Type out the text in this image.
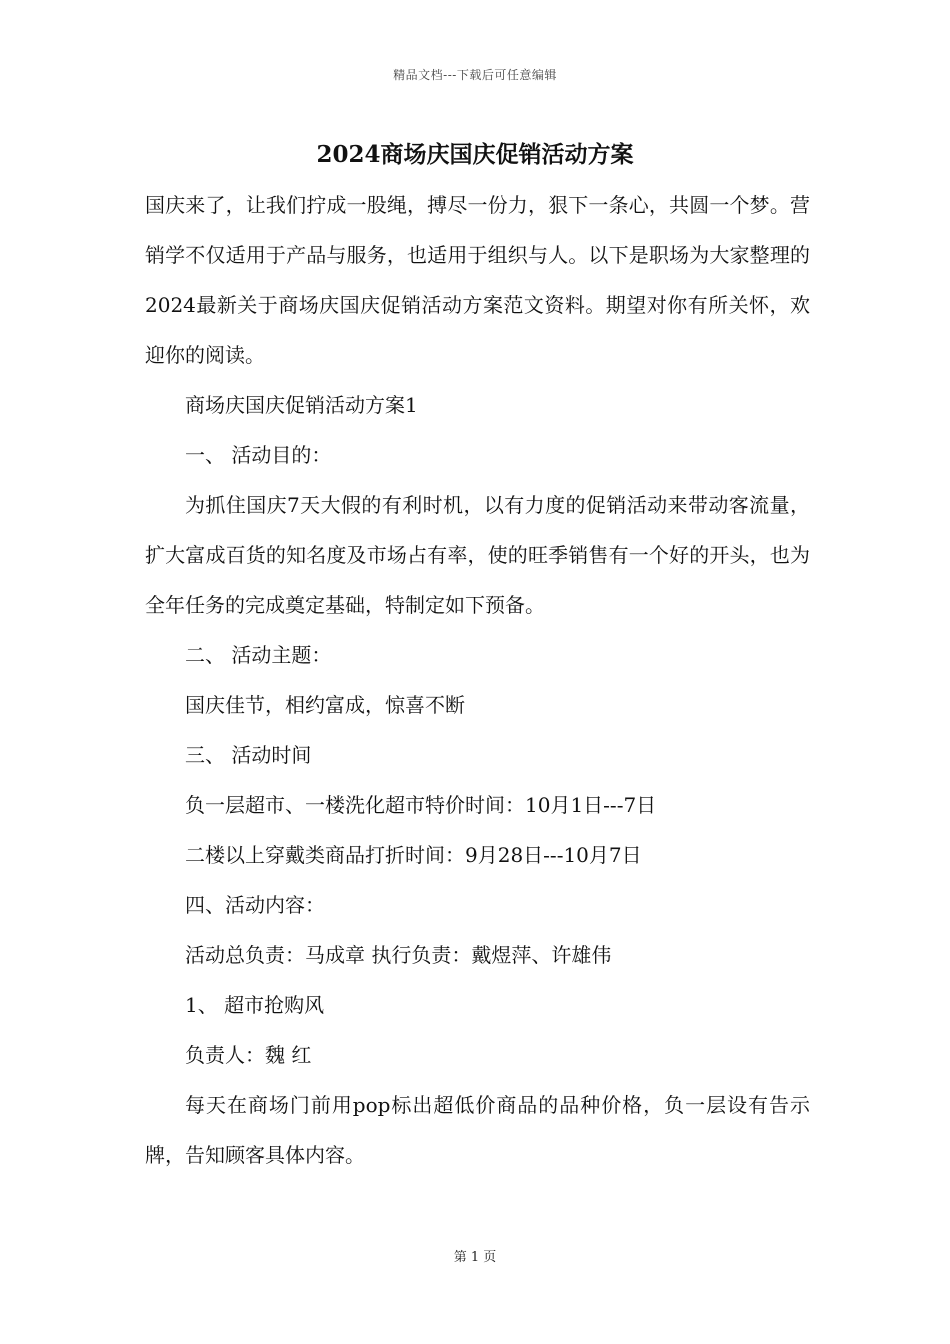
精品文档---下载后可任意编辑
2024商场庆国庆促销活动方案

国庆来了，让我们拧成一股绳，搏尽一份力，狠下一条心，共圆一个梦。营销学不仅适用于产品与服务，也适用于组织与人。以下是职场为大家整理的2024最新关于商场庆国庆促销活动方案范文资料。期望对你有所关怀，欢迎你的阅读。

商场庆国庆促销活动方案1

一、 活动目的：

为抓住国庆7天大假的有利时机，以有力度的促销活动来带动客流量，扩大富成百货的知名度及市场占有率，使的旺季销售有一个好的开头，也为全年任务的完成奠定基础，特制定如下预备。

二、 活动主题：

国庆佳节，相约富成，惊喜不断

三、 活动时间

负一层超市、一楼洗化超市特价时间：10月1日---7日

二楼以上穿戴类商品打折时间：9月28日---10月7日

四、活动内容：

活动总负责：马成章 执行负责：戴煜萍、许雄伟

1、 超市抢购风

负责人：魏 红

每天在商场门前用pop标出超低价商品的品种价格，负一层设有告示牌，告知顾客具体内容。

第 1 页
